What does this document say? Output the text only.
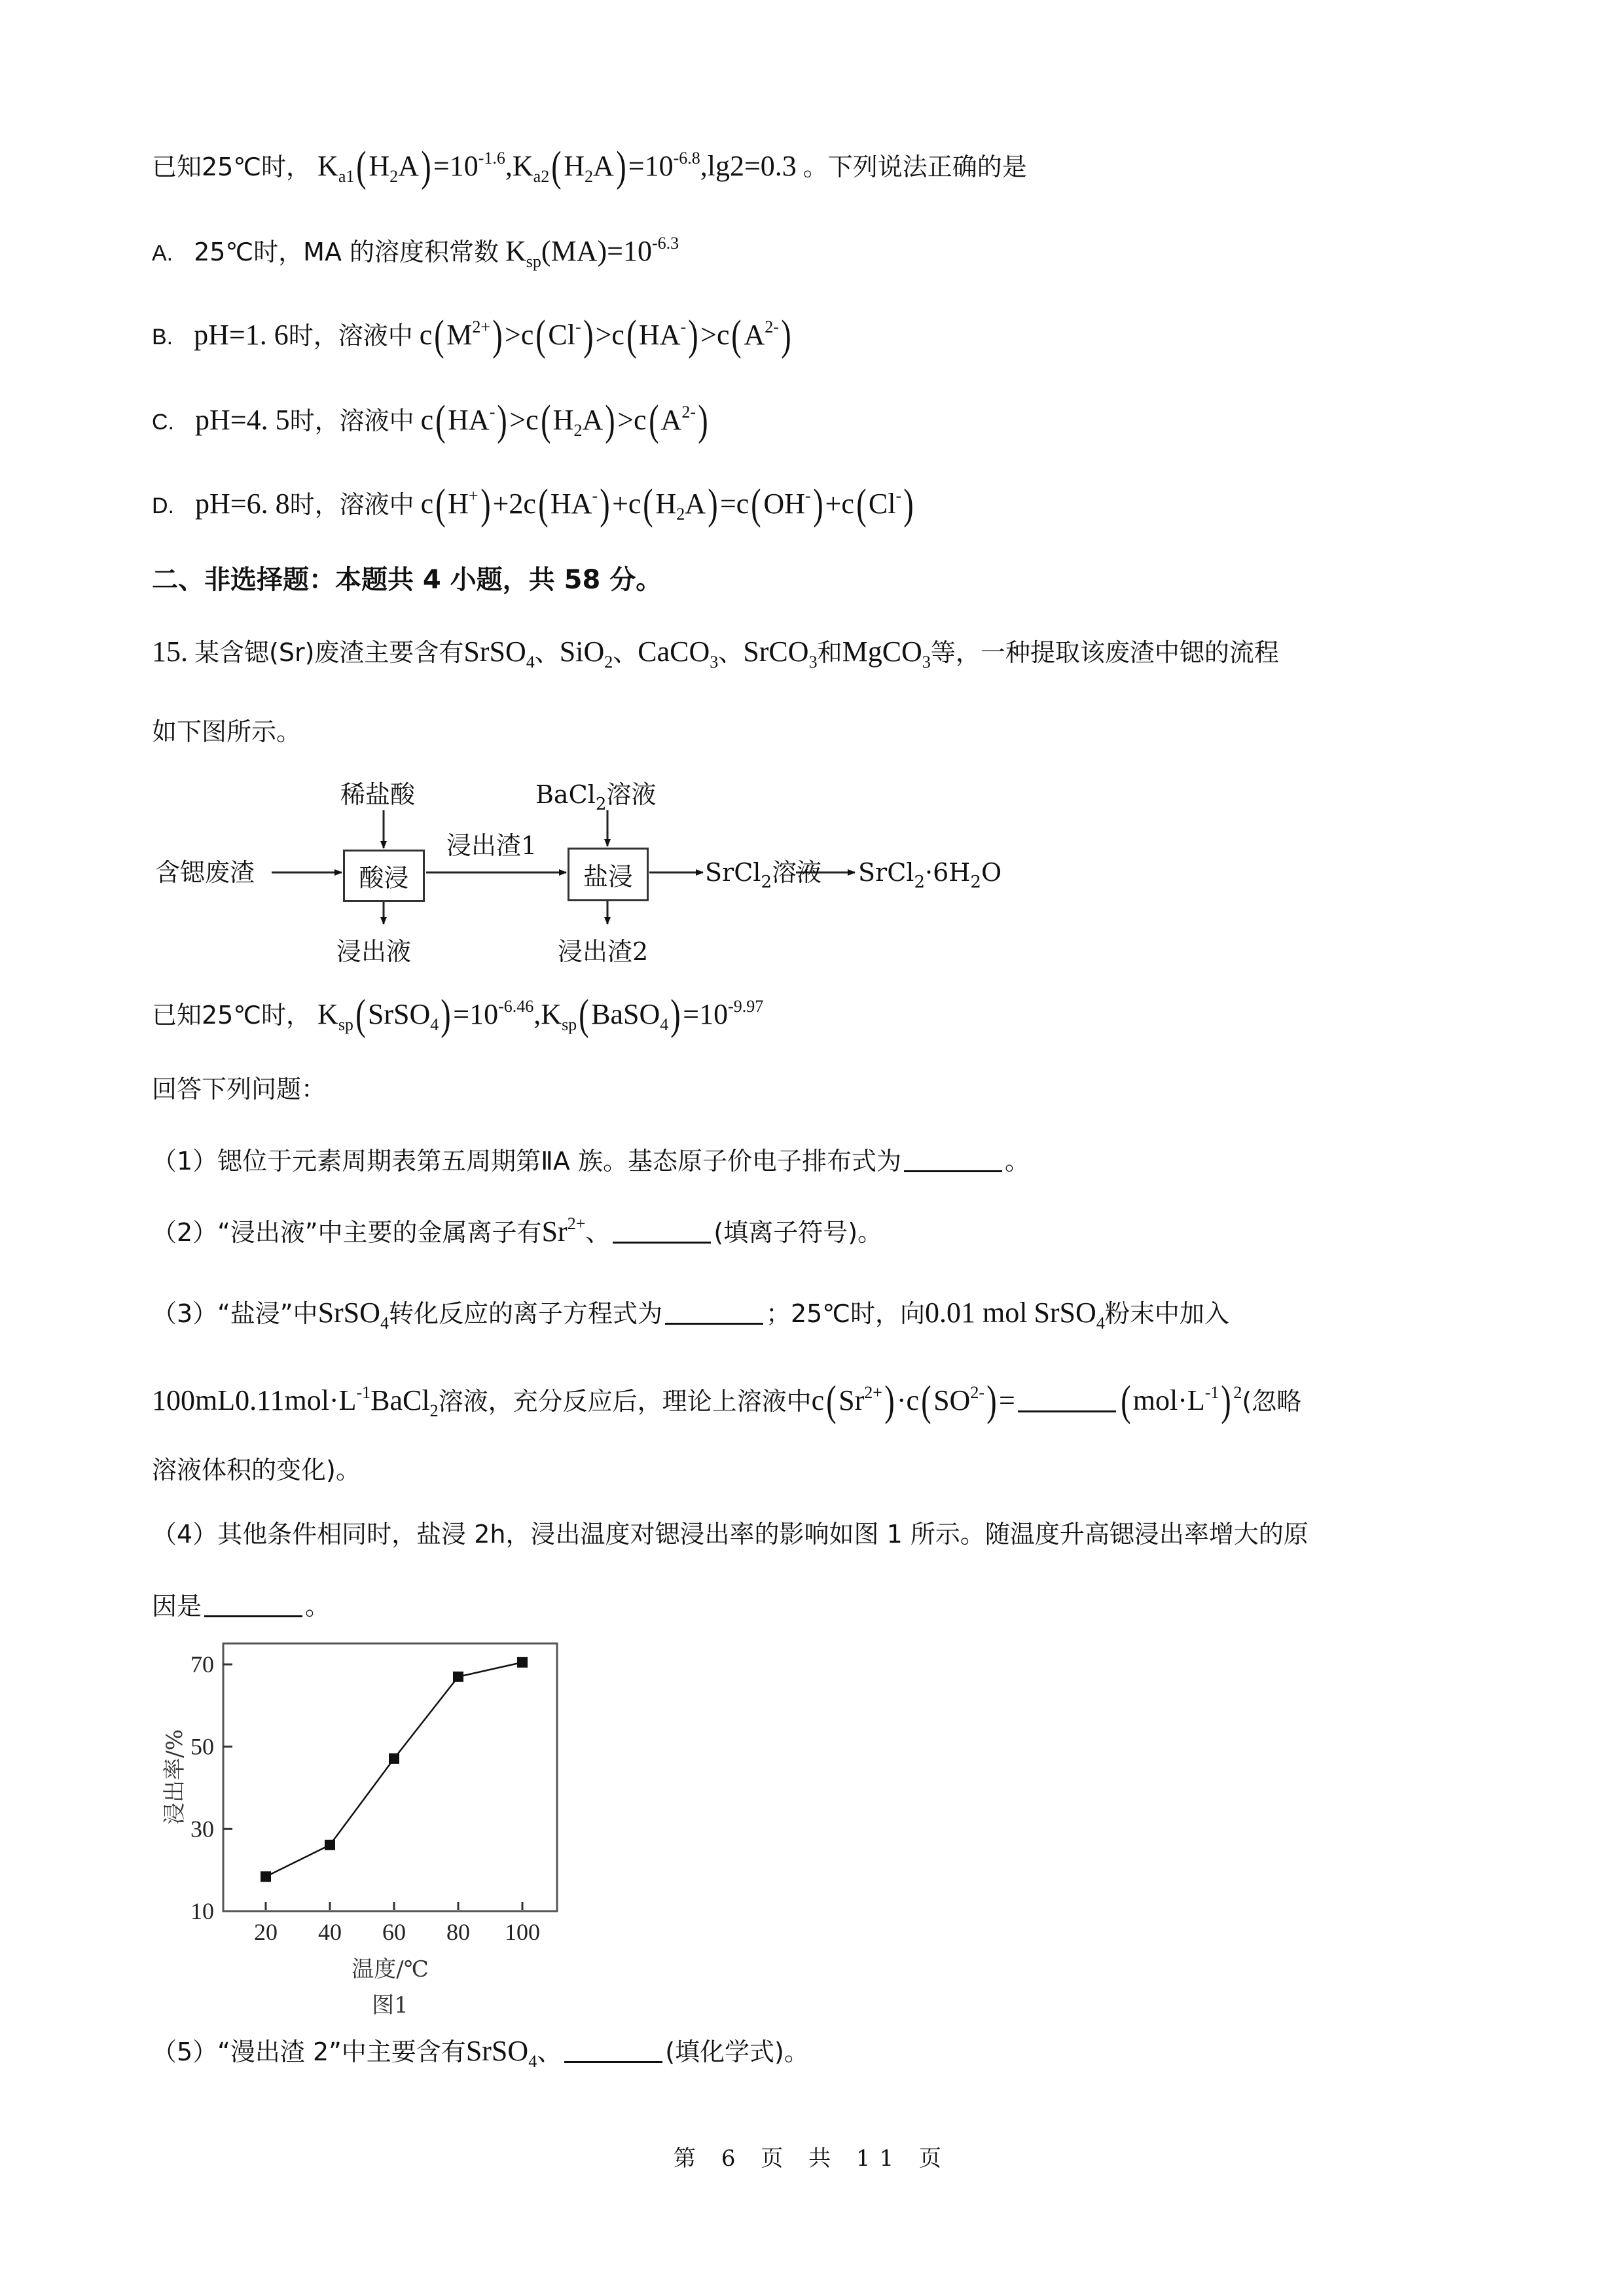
已知25℃时， $K_{a1}(H_2A)=10^{-1.6},K_{a2}(H_2A)=10^{-6.8},\lg 2=0.3$ 。下列说法正确的是
A. 25℃时，MA 的溶度积常数 $K_{sp}(MA)=10^{-6.3}$
B. pH=1. 6时，溶液中 $c(M^{2+})>c(Cl^-)>c(HA^-)>c(A^{2-})$
C. pH=4. 5时，溶液中 $c(HA^-)>c(H_2A)>c(A^{2-})$
D. pH=6. 8时，溶液中 $c(H^+)+2c(HA^-)+c(H_2A)=c(OH^-)+c(Cl^-)$
二、非选择题：本题共 4 小题，共 58 分。
15. 某含锶(Sr)废渣主要含有SrSO$_4$、SiO$_2$、CaCO$_3$、SrCO$_3$和MgCO$_3$等，一种提取该废渣中锶的流程
如下图所示。
含锶废渣
稀盐酸
酸浸
浸出液
浸出渣1
BaCl$_2$溶液
盐浸
浸出渣2
SrCl$_2$溶液 $SrCl_2\cdot 6H_2O$
已知25℃时， $K_{sp}(SrSO_4)=10^{-6.46},K_{sp}(BaSO_4)=10^{-9.97}$
回答下列问题：
（1）锶位于元素周期表第五周期第ⅡA 族。基态原子价电子排布式为	。
（2）“浸出液”中主要的金属离子有$Sr^{2+}$、	(填离子符号)。
（3）“盐浸”中SrSO$_4$转化反应的离子方程式为	；25℃时，向0.01 mol SrSO$_4$粉末中加入
$100mL0.11mol\cdot L^{-1}BaCl_2$溶液，充分反应后，理论上溶液中$c(Sr^{2+})\cdot c(SO^{2-})= (mol\cdot L^{-1})$ $^2$(忽略
溶液体积的变化)。
（4）其他条件相同时，盐浸 2h，浸出温度对锶浸出率的影响如图 1 所示。随温度升高锶浸出率增大的原
因是	。
10
30
50
70
20 40 60 80 100
浸出率/%
温度/℃
图1
（5）“漫出渣 2”中主要含有SrSO$_4$、	(填化学式)。
第 6 页 共 11 页
